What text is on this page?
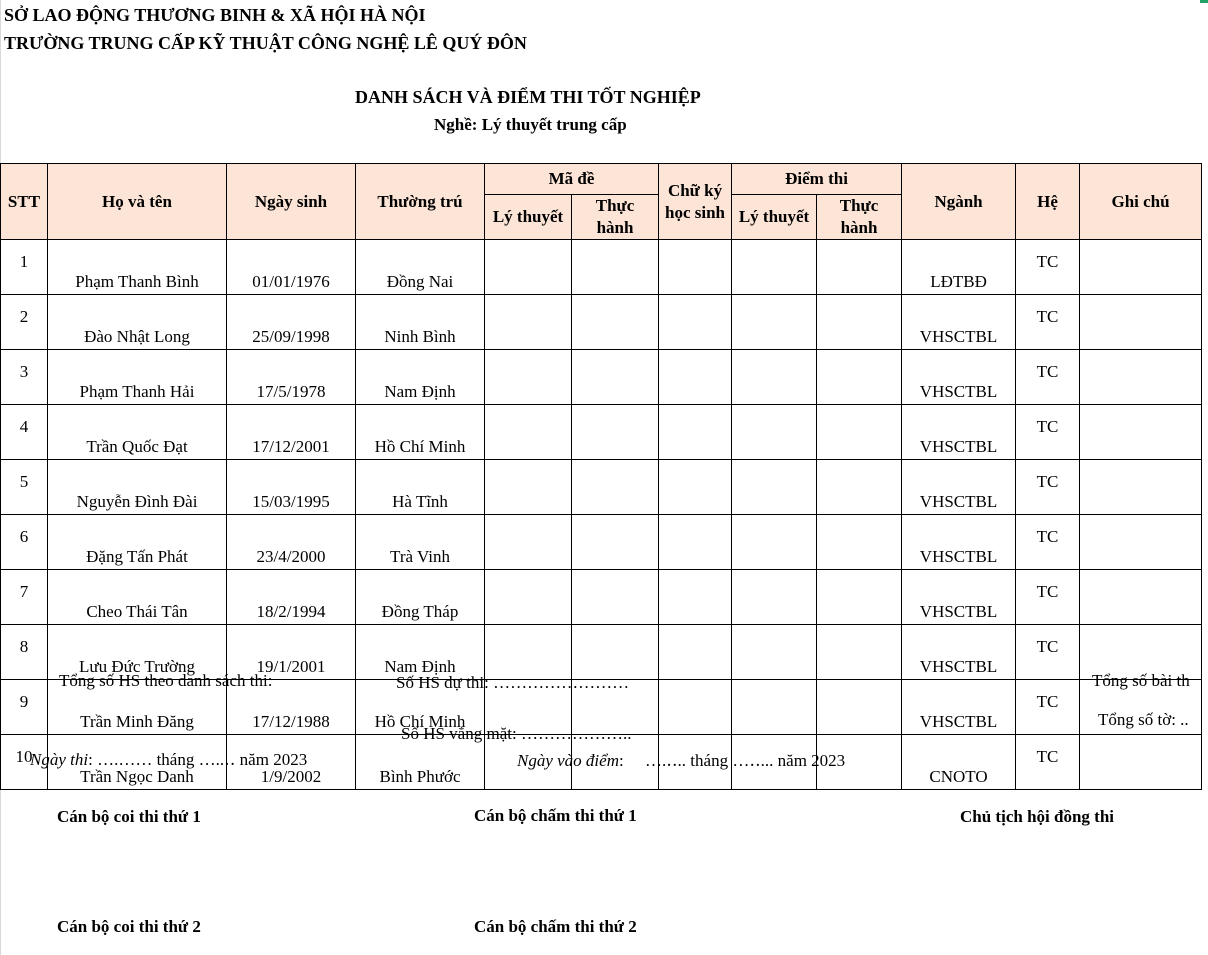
SỞ LAO ĐỘNG THƯƠNG BINH & XÃ HỘI HÀ NỘI
TRƯỜNG TRUNG CẤP KỸ THUẬT CÔNG NGHỆ LÊ QUÝ ĐÔN
DANH SÁCH VÀ ĐIỂM THI TỐT NGHIỆP
Nghề: Lý thuyết trung cấp
STT	Họ và tên	Ngày sinh	Thường trú	Mã đề		Chữ ký học sinh	Điểm thi		Ngành	Hệ	Ghi chú
				Lý thuyết	Thực hành		Lý thuyết	Thực hành			
1	Phạm Thanh Bình	01/01/1976	Đồng Nai						LĐTBĐ	TC	
2	Đào Nhật Long	25/09/1998	Ninh Bình						VHSCTBL	TC	
3	Phạm Thanh Hải	17/5/1978	Nam Định						VHSCTBL	TC	
4	Trần Quốc Đạt	17/12/2001	Hồ Chí Minh						VHSCTBL	TC	
5	Nguyễn Đình Đài	15/03/1995	Hà Tĩnh						VHSCTBL	TC	
6	Đặng Tấn Phát	23/4/2000	Trà Vinh						VHSCTBL	TC	
7	Cheo Thái Tân	18/2/1994	Đồng Tháp						VHSCTBL	TC	
8	Lưu Đức Trường	19/1/2001	Nam Định						VHSCTBL	TC	
9	Trần Minh Đăng	17/12/1988	Hồ Chí Minh						VHSCTBL	TC	
10	Trần Ngọc Danh	1/9/2002	Bình Phước						CNOTO	TC	
Tổng số HS theo danh sách thi:	Số HS dự thi: ……………………	Tổng số bài th
Tổng số tờ: ..
Số HS vắng mặt: ………………..
Ngày thi: ….…… tháng …..‥ năm 2023	Ngày vào điểm:     ….‥.. tháng …‥... năm 2023
Cán bộ coi thi thứ 1	Cán bộ chấm thi thứ 1	Chủ tịch hội đồng thi
Cán bộ coi thi thứ 2	Cán bộ chấm thi thứ 2
